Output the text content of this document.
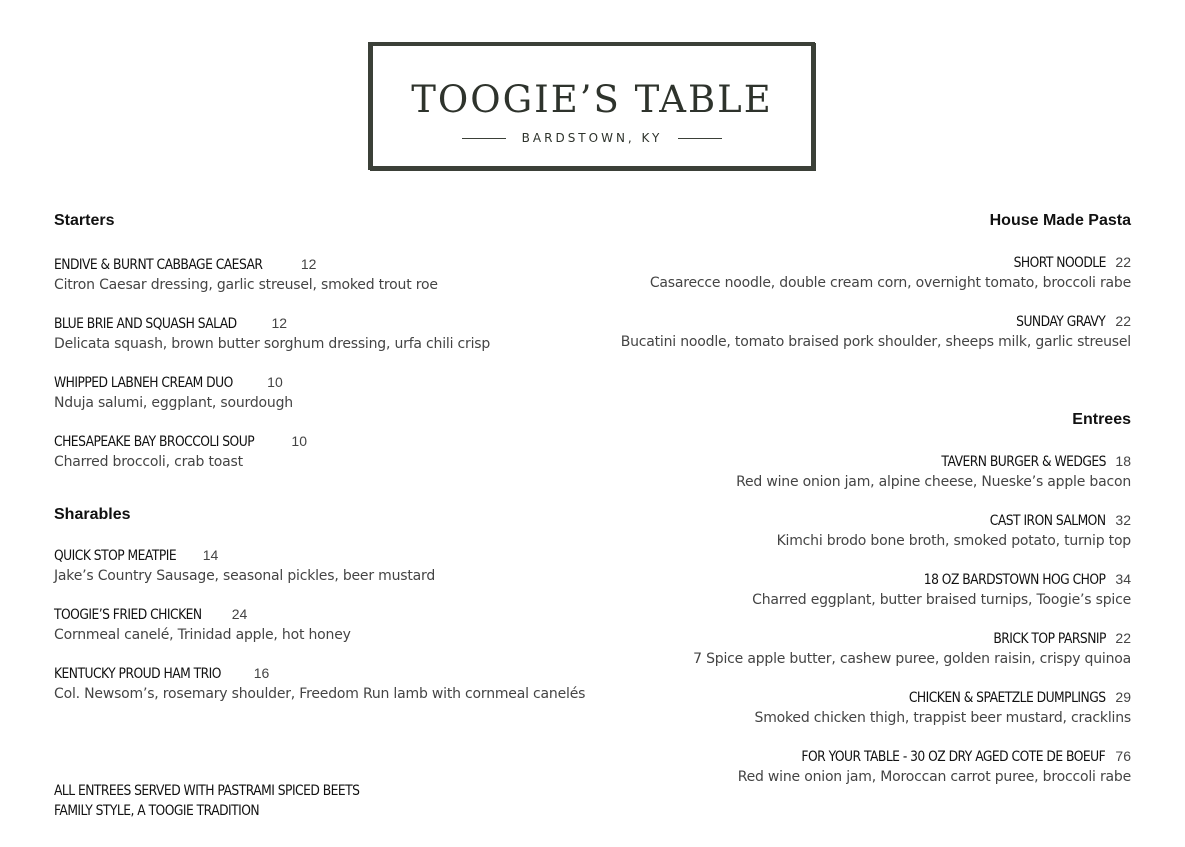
TOOGIE’S TABLE
BARDSTOWN, KY
Starters
ENDIVE & BURNT CABBAGE CAESAR	12
Citron Caesar dressing, garlic streusel, smoked trout roe
BLUE BRIE AND SQUASH SALAD 12
Delicata squash, brown butter sorghum dressing, urfa chili crisp
WHIPPED LABNEH CREAM DUO 10
Nduja salumi, eggplant, sourdough
CHESAPEAKE BAY BROCCOLI SOUP	10
Charred broccoli, crab toast
Sharables
QUICK STOP MEATPIE 14
Jake’s Country Sausage, seasonal pickles, beer mustard
TOOGIE’S FRIED CHICKEN 24
Cornmeal canelé, Trinidad apple, hot honey
KENTUCKY PROUD HAM TRIO 16
Col. Newsom’s, rosemary shoulder, Freedom Run lamb with cornmeal canelés
House Made Pasta
SHORT NOODLE 22
Casarecce noodle, double cream corn, overnight tomato, broccoli rabe
SUNDAY GRAVY 22
Bucatini noodle, tomato braised pork shoulder, sheeps milk, garlic streusel
Entrees
TAVERN BURGER & WEDGES 18
Red wine onion jam, alpine cheese, Nueske’s apple bacon
CAST IRON SALMON 32
Kimchi brodo bone broth, smoked potato, turnip top
18 OZ BARDSTOWN HOG CHOP 34
Charred eggplant, butter braised turnips, Toogie’s spice
BRICK TOP PARSNIP 22
7 Spice apple butter, cashew puree, golden raisin, crispy quinoa
CHICKEN & SPAETZLE DUMPLINGS 29
Smoked chicken thigh, trappist beer mustard, cracklins
FOR YOUR TABLE - 30 OZ DRY AGED COTE DE BOEUF 76
Red wine onion jam, Moroccan carrot puree, broccoli rabe
ALL ENTREES SERVED WITH PASTRAMI SPICED BEETS
FAMILY STYLE, A TOOGIE TRADITION
